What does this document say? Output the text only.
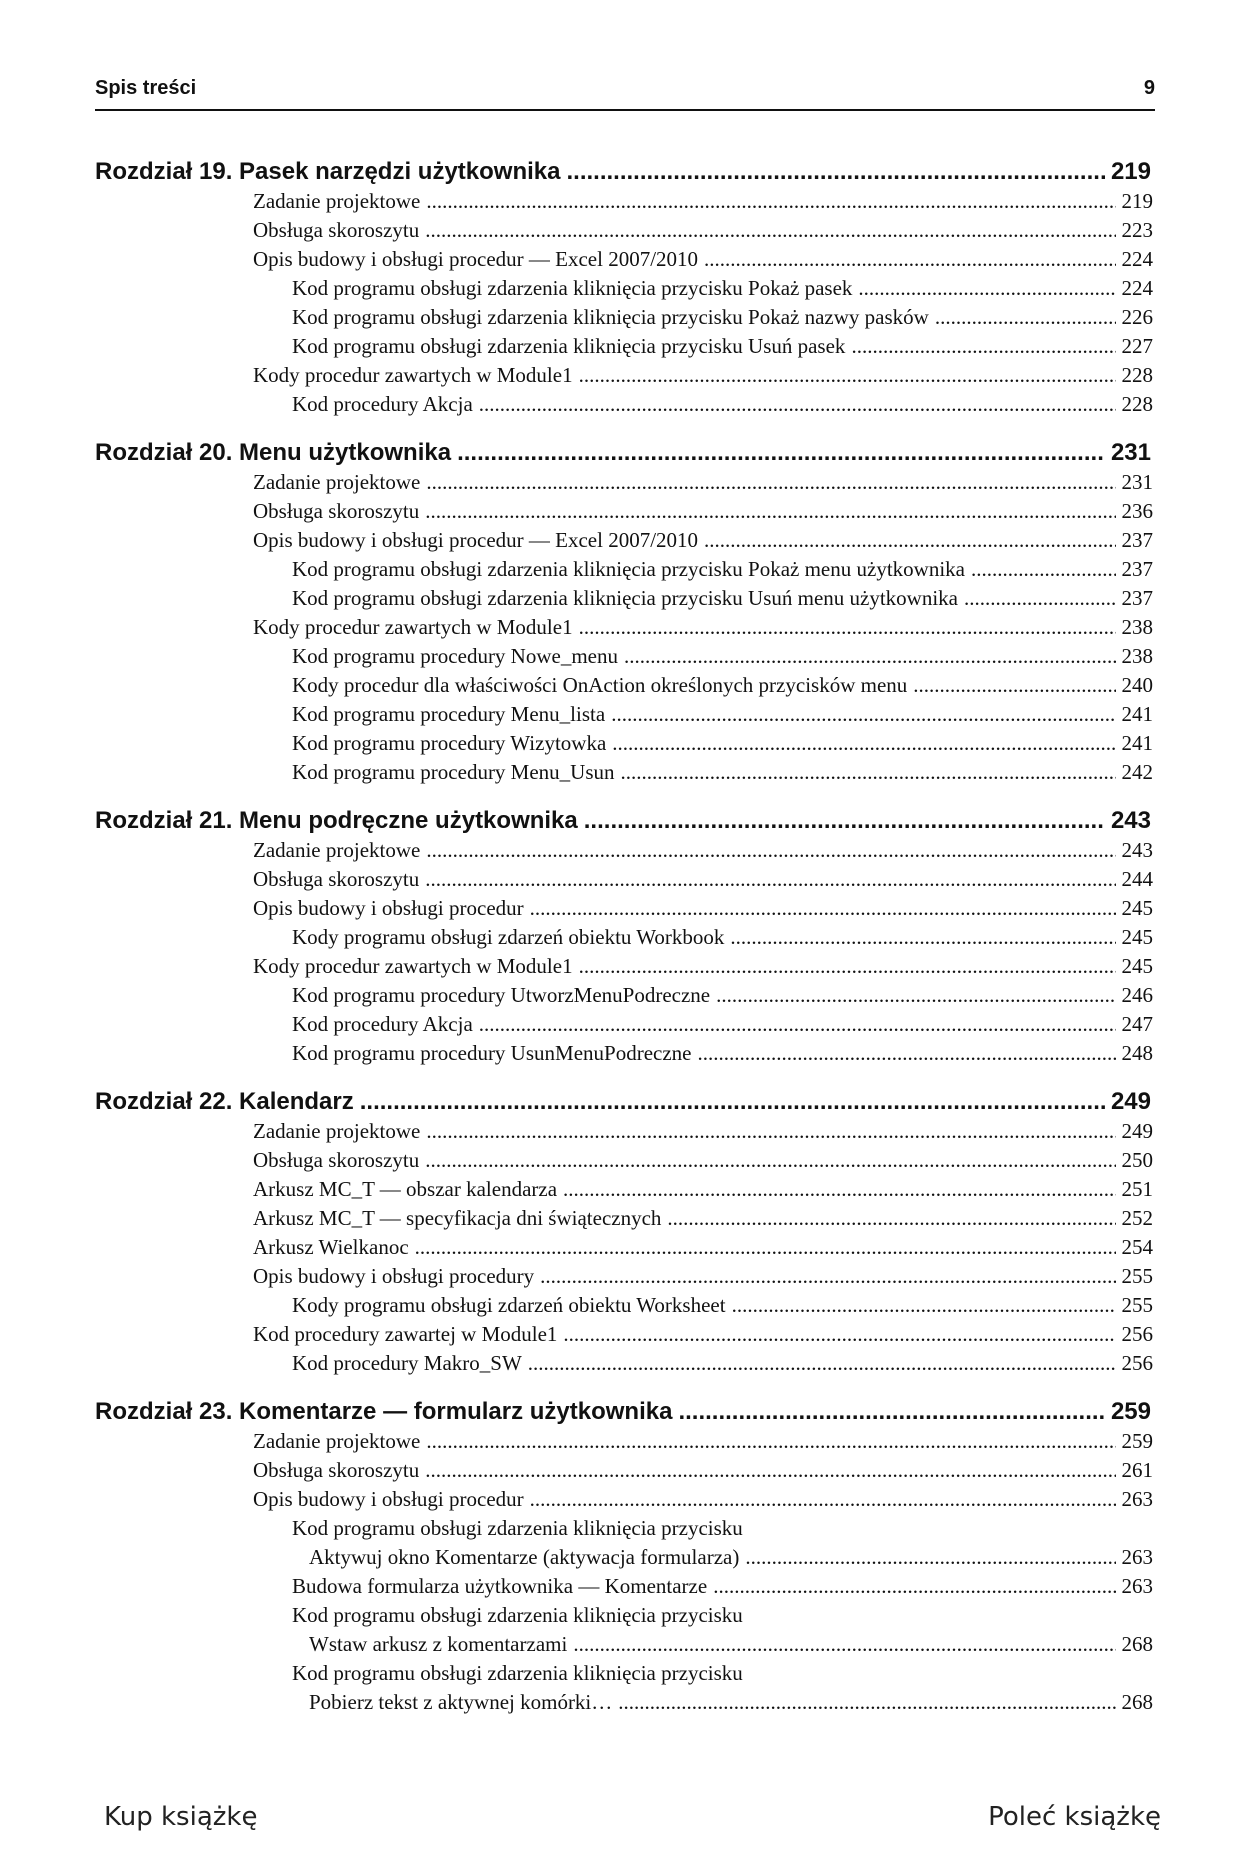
Spis treści	9
Rozdział 19. Pasek narzędzi użytkownika .....	219
Zadanie projektowe .....	219
Obsługa skoroszytu .....	223
Opis budowy i obsługi procedur — Excel 2007/2010 .....	224
Kod programu obsługi zdarzenia kliknięcia przycisku Pokaż pasek .....	224
Kod programu obsługi zdarzenia kliknięcia przycisku Pokaż nazwy pasków .....	226
Kod programu obsługi zdarzenia kliknięcia przycisku Usuń pasek .....	227
Kody procedur zawartych w Module1 .....	228
Kod procedury Akcja .....	228
Rozdział 20. Menu użytkownika .....	231
Zadanie projektowe .....	231
Obsługa skoroszytu .....	236
Opis budowy i obsługi procedur — Excel 2007/2010 .....	237
Kod programu obsługi zdarzenia kliknięcia przycisku Pokaż menu użytkownika .....	237
Kod programu obsługi zdarzenia kliknięcia przycisku Usuń menu użytkownika .....	237
Kody procedur zawartych w Module1 .....	238
Kod programu procedury Nowe_menu .....	238
Kody procedur dla właściwości OnAction określonych przycisków menu .....	240
Kod programu procedury Menu_lista .....	241
Kod programu procedury Wizytowka .....	241
Kod programu procedury Menu_Usun .....	242
Rozdział 21. Menu podręczne użytkownika .....	243
Zadanie projektowe .....	243
Obsługa skoroszytu .....	244
Opis budowy i obsługi procedur .....	245
Kody programu obsługi zdarzeń obiektu Workbook .....	245
Kody procedur zawartych w Module1 .....	245
Kod programu procedury UtworzMenuPodreczne .....	246
Kod procedury Akcja .....	247
Kod programu procedury UsunMenuPodreczne .....	248
Rozdział 22. Kalendarz .....	249
Zadanie projektowe .....	249
Obsługa skoroszytu .....	250
Arkusz MC_T — obszar kalendarza .....	251
Arkusz MC_T — specyfikacja dni świątecznych .....	252
Arkusz Wielkanoc .....	254
Opis budowy i obsługi procedury .....	255
Kody programu obsługi zdarzeń obiektu Worksheet .....	255
Kod procedury zawartej w Module1 .....	256
Kod procedury Makro_SW .....	256
Rozdział 23. Komentarze — formularz użytkownika .....	259
Zadanie projektowe .....	259
Obsługa skoroszytu .....	261
Opis budowy i obsługi procedur .....	263
Kod programu obsługi zdarzenia kliknięcia przycisku
Aktywuj okno Komentarze (aktywacja formularza) .....	263
Budowa formularza użytkownika — Komentarze .....	263
Kod programu obsługi zdarzenia kliknięcia przycisku
Wstaw arkusz z komentarzami .....	268
Kod programu obsługi zdarzenia kliknięcia przycisku
Pobierz tekst z aktywnej komórki… .....	268
Kup książkę	Poleć książkę
